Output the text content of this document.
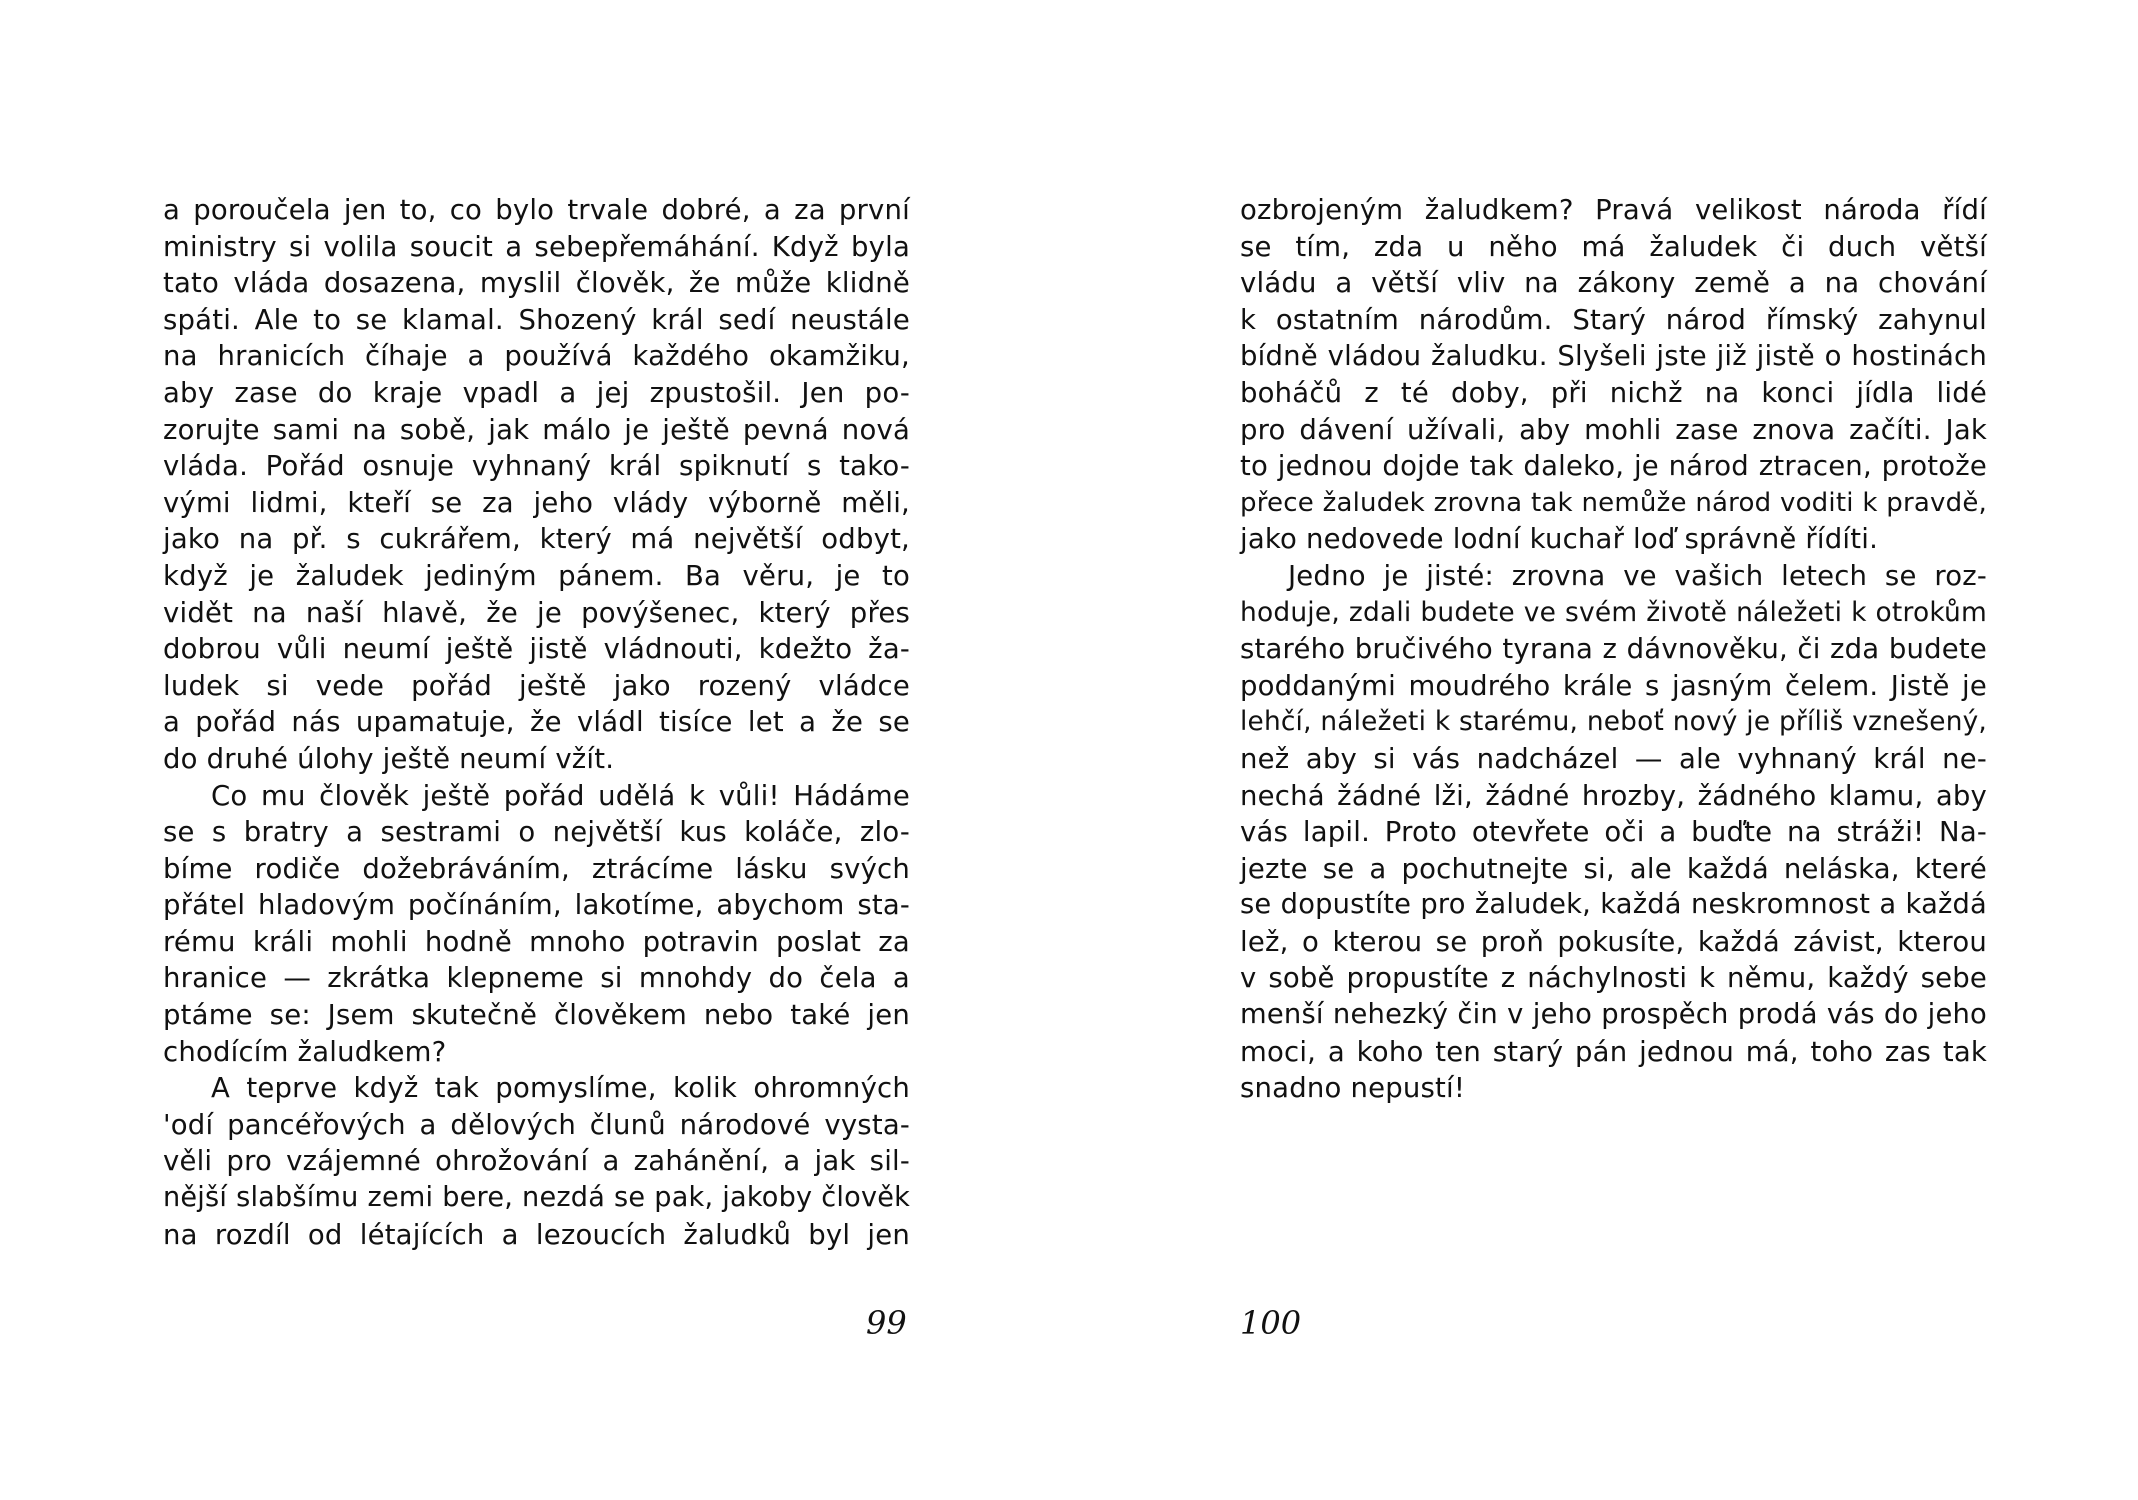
a poroučela jen to, co bylo trvale dobré, a za první
ministry si volila soucit a sebepřemáhání. Když byla
tato vláda dosazena, myslil člověk, že může klidně
spáti. Ale to se klamal. Shozený král sedí neustále
na hranicích číhaje a používá každého okamžiku,
aby zase do kraje vpadl a jej zpustošil. Jen po-
zorujte sami na sobě, jak málo je ještě pevná nová
vláda. Pořád osnuje vyhnaný král spiknutí s tako-
vými lidmi, kteří se za jeho vlády výborně měli,
jako na př. s cukrářem, který má největší odbyt,
když je žaludek jediným pánem. Ba věru, je to
vidět na naší hlavě, že je povýšenec, který přes
dobrou vůli neumí ještě jistě vládnouti, kdežto ža-
ludek si vede pořád ještě jako rozený vládce
a pořád nás upamatuje, že vládl tisíce let a že se
do druhé úlohy ještě neumí vžít.
Co mu člověk ještě pořád udělá k vůli! Hádáme
se s bratry a sestrami o největší kus koláče, zlo-
bíme rodiče dožebráváním, ztrácíme lásku svých
přátel hladovým počínáním, lakotíme, abychom sta-
rému králi mohli hodně mnoho potravin poslat za
hranice — zkrátka klepneme si mnohdy do čela a
ptáme se: Jsem skutečně člověkem nebo také jen
chodícím žaludkem?
A teprve když tak pomyslíme, kolik ohromných
'odí pancéřových a dělových člunů národové vysta-
věli pro vzájemné ohrožování a zahánění, a jak sil-
nější slabšímu zemi bere, nezdá se pak, jakoby člověk
na rozdíl od létajících a lezoucích žaludků byl jen
99
ozbrojeným žaludkem? Pravá velikost národa řídí
se tím, zda u něho má žaludek či duch větší
vládu a větší vliv na zákony země a na chování
k ostatním národům. Starý národ římský zahynul
bídně vládou žaludku. Slyšeli jste již jistě o hostinách
boháčů z té doby, při nichž na konci jídla lidé
pro dávení užívali, aby mohli zase znova začíti. Jak
to jednou dojde tak daleko, je národ ztracen, protože
přece žaludek zrovna tak nemůže národ voditi k pravdě,
jako nedovede lodní kuchař loď správně řídíti.
Jedno je jisté: zrovna ve vašich letech se roz-
hoduje, zdali budete ve svém životě náležeti k otrokům
starého bručivého tyrana z dávnověku, či zda budete
poddanými moudrého krále s jasným čelem. Jistě je
lehčí, náležeti k starému, neboť nový je příliš vznešený,
než aby si vás nadcházel — ale vyhnaný král ne-
nechá žádné lži, žádné hrozby, žádného klamu, aby
vás lapil. Proto otevřete oči a buďte na stráži! Na-
jezte se a pochutnejte si, ale každá neláska, které
se dopustíte pro žaludek, každá neskromnost a každá
lež, o kterou se proň pokusíte, každá závist, kterou
v sobě propustíte z náchylnosti k němu, každý sebe
menší nehezký čin v jeho prospěch prodá vás do jeho
moci, a koho ten starý pán jednou má, toho zas tak
snadno nepustí!
100
